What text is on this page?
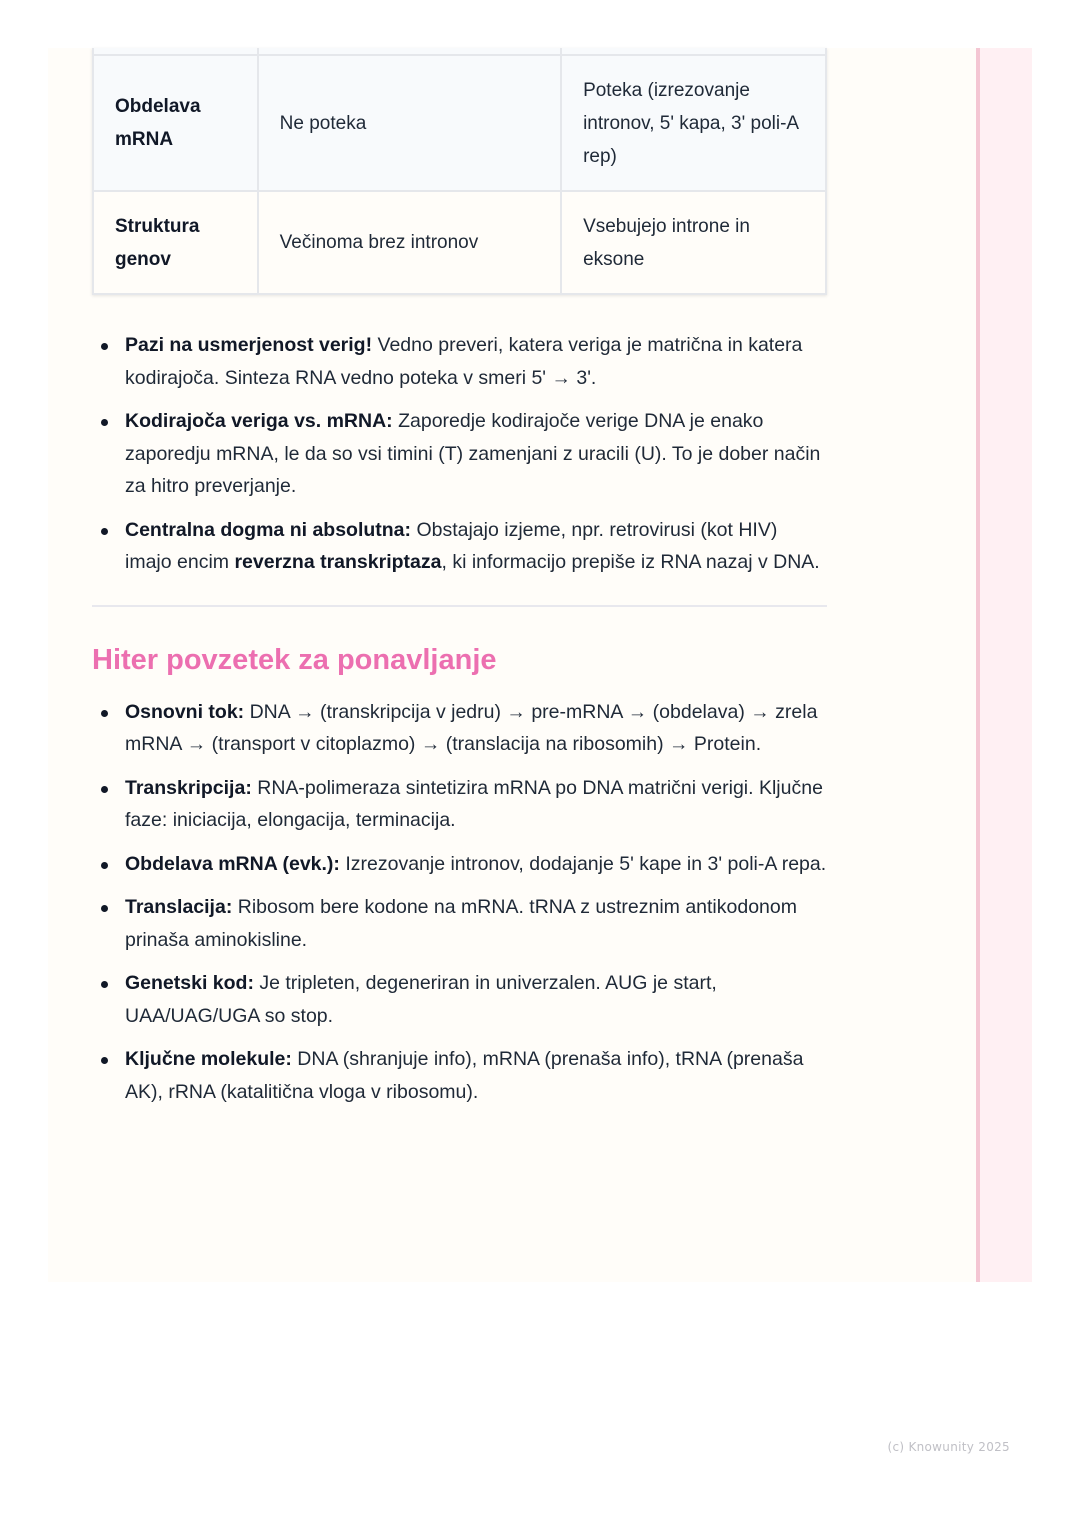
Obdelava mRNA	Ne poteka	Poteka (izrezovanje intronov, 5' kapa, 3' poli-A rep)
Struktura genov	Večinoma brez intronov	Vsebujejo introne in eksone
Pazi na usmerjenost verig! Vedno preveri, katera veriga je matrična in katera kodirajoča. Sinteza RNA vedno poteka v smeri 5' → 3'.
Kodirajoča veriga vs. mRNA: Zaporedje kodirajoče verige DNA je enako zaporedju mRNA, le da so vsi timini (T) zamenjani z uracili (U). To je dober način za hitro preverjanje.
Centralna dogma ni absolutna: Obstajajo izjeme, npr. retrovirusi (kot HIV) imajo encim reverzna transkriptaza, ki informacijo prepiše iz RNA nazaj v DNA.
Hiter povzetek za ponavljanje
Osnovni tok: DNA → (transkripcija v jedru) → pre-mRNA → (obdelava) → zrela mRNA → (transport v citoplazmo) → (translacija na ribosomih) → Protein.
Transkripcija: RNA-polimeraza sintetizira mRNA po DNA matrični verigi. Ključne faze: iniciacija, elongacija, terminacija.
Obdelava mRNA (evk.): Izrezovanje intronov, dodajanje 5' kape in 3' poli-A repa.
Translacija: Ribosom bere kodone na mRNA. tRNA z ustreznim antikodonom prinaša aminokisline.
Genetski kod: Je tripleten, degeneriran in univerzalen. AUG je start, UAA/UAG/UGA so stop.
Ključne molekule: DNA (shranjuje info), mRNA (prenaša info), tRNA (prenaša AK), rRNA (katalitična vloga v ribosomu).
(c) Knowunity 2025
